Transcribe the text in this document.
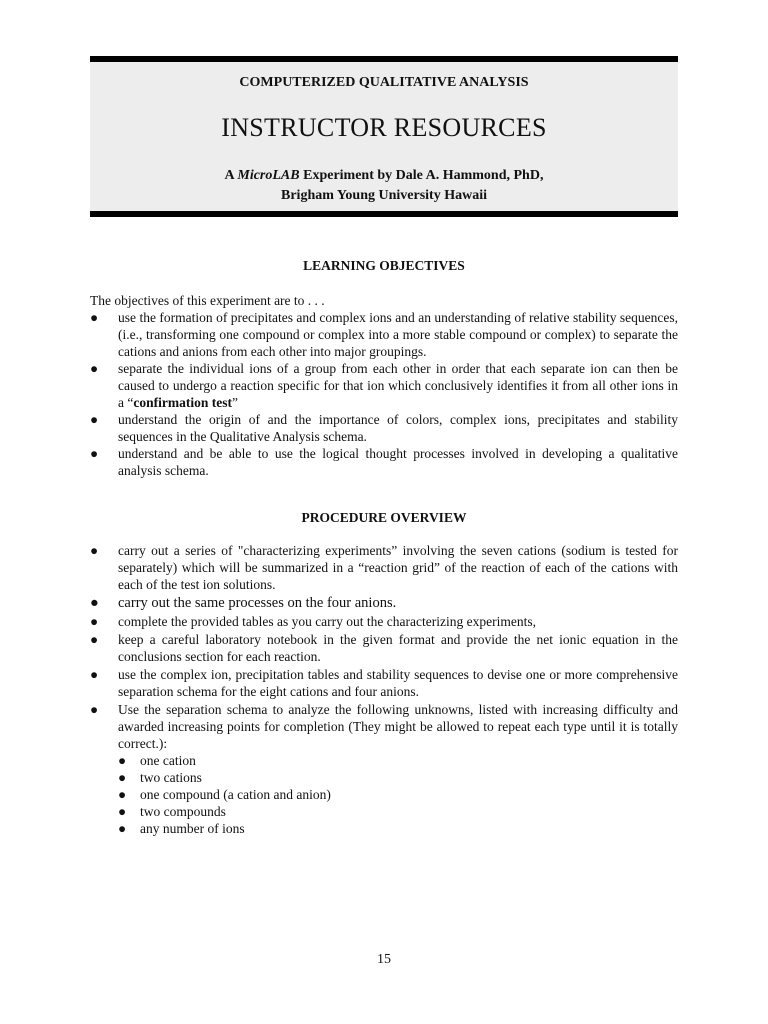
COMPUTERIZED QUALITATIVE ANALYSIS
INSTRUCTOR RESOURCES
A MicroLAB Experiment by Dale A. Hammond, PhD,
Brigham Young University Hawaii
LEARNING OBJECTIVES
The objectives of this experiment are to . . .
● use the formation of precipitates and complex ions and an understanding of relative stability sequences, (i.e., transforming one compound or complex into a more stable compound or complex) to separate the cations and anions from each other into major groupings.
● separate the individual ions of a group from each other in order that each separate ion can then be caused to undergo a reaction specific for that ion which conclusively identifies it from all other ions in a “confirmation test”
● understand the origin of and the importance of colors, complex ions, precipitates and stability sequences in the Qualitative Analysis schema.
● understand and be able to use the logical thought processes involved in developing a qualitative analysis schema.
PROCEDURE OVERVIEW
● carry out a series of "characterizing experiments” involving the seven cations (sodium is tested for separately) which will be summarized in a “reaction grid” of the reaction of each of the cations with each of the test ion solutions.
● carry out the same processes on the four anions.
● complete the provided tables as you carry out the characterizing experiments,
● keep a careful laboratory notebook in the given format and provide the net ionic equation in the conclusions section for each reaction.
● use the complex ion, precipitation tables and stability sequences to devise one or more comprehensive separation schema for the eight cations and four anions.
● Use the separation schema to analyze the following unknowns, listed with increasing difficulty and awarded increasing points for completion (They might be allowed to repeat each type until it is totally correct.):
● one cation
● two cations
● one compound (a cation and anion)
● two compounds
● any number of ions
15
